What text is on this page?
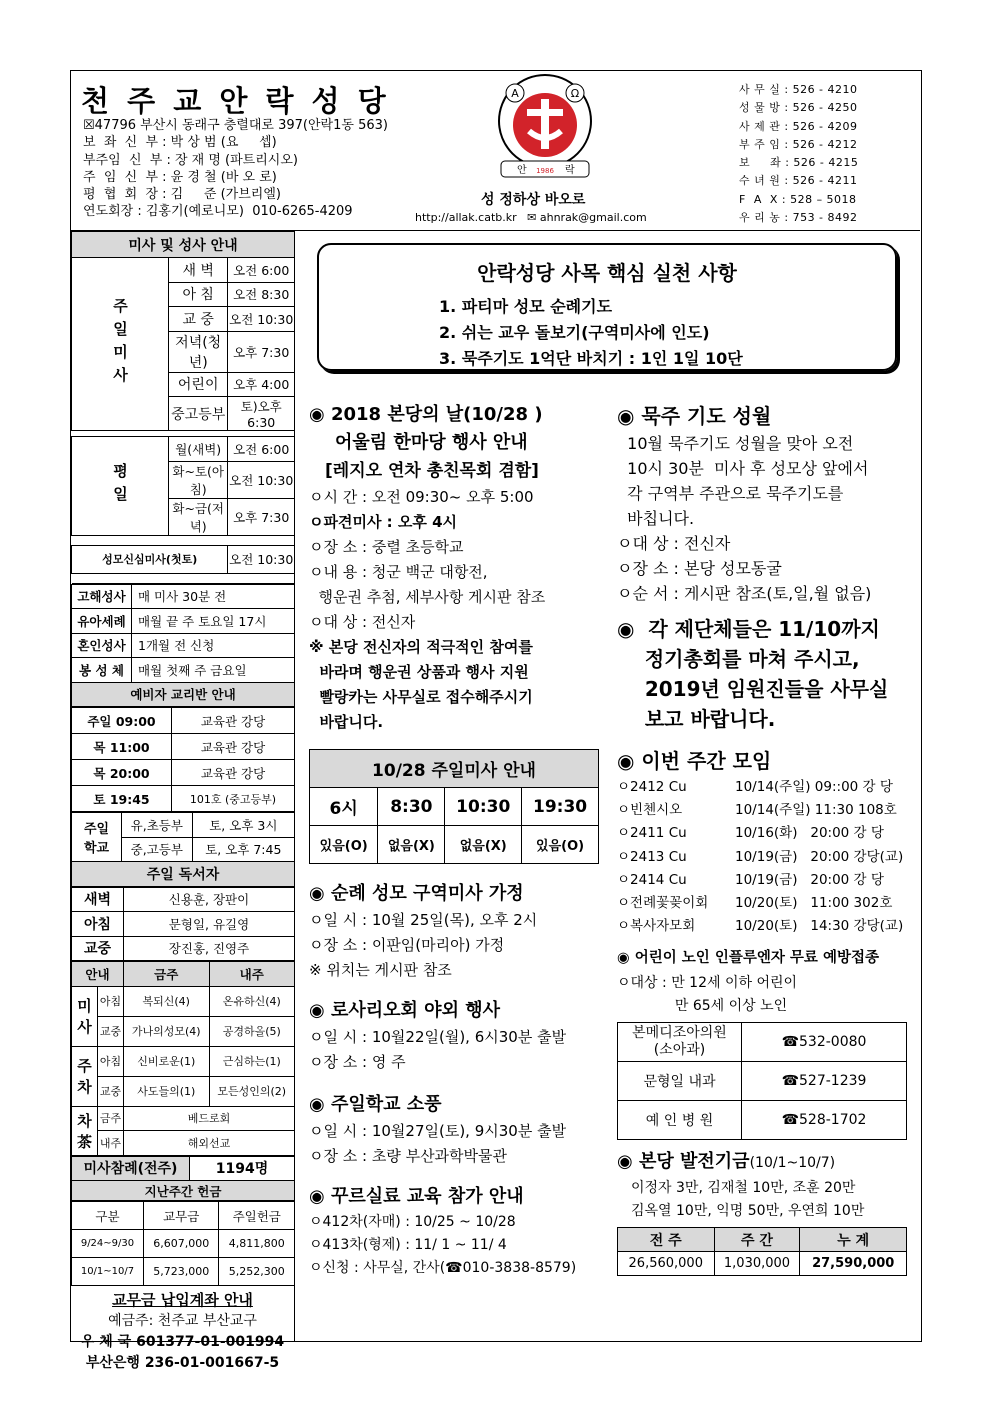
천 주 교 안 락 성 당
☒47796 부산시 동래구 충렬대로 397(안락1동 563)
보  좌  신  부 : 박 상 범 (요     셉)
부주임  신  부 : 장 재 명 (파트리시오)
주  임  신  부 : 윤 경 철 (바 오 로)
평  협  회  장 : 김     준 (가브리엘)
연도회장 : 김홍기(예로니모)  010-6265-4209
A	Ω
안 1986 락
성 정하상 바오로
http://allak.catb.kr ✉ ahnrak@gmail.com
사 무 실 : 526 - 4210
성 물 방 : 526 - 4250
사 제 관 : 526 - 4209
부 주 임 : 526 - 4212
보     좌 : 526 - 4215
수 녀 원 : 526 - 4211
F  A  X : 528 – 5018
우 리 농 : 753 - 8492
미사 및 성사 안내		
주일미사	새 벽	오전 6:00
	아 침	오전 8:30
	교 중	오전 10:30
	저녁(청년)	오후 7:30
	어린이	오후 4:00
	중고등부	토)오후 6:30

평일	월(새벽)	오전 6:00
	화~토(아침)	오전 10:30
	화~금(저녁)	오후 7:30

성모신심미사(첫토)		오전 10:30

고해성사	매 미사 30분 전
유아세례	매월 끝 주 토요일 17시
혼인성사	1개월 전 신청
봉 성 체	매월 첫째 주 금요일
예비자 교리반 안내	
주일 09:00	교육관 강당
목 11:00	교육관 강당
목 20:00	교육관 강당
토 19:45	101호 (중고등부)
주일학교	유,초등부	토, 오후 3시
	중,고등부	토, 오후 7:45
주일 독서자		
새벽	신용훈, 장판이
아침	문형일, 유길영
교중	장진홍, 진영주
안내		금주	내주
미사	아침	복되신(4)	온유하신(4)
	교중	가나의성모(4)	공경하올(5)
주차	아침	신비로운(1)	근심하는(1)
	교중	사도들의(1)	모든성인의(2)
차茶	금주	베드로회	
	내주	해외선교	
미사참례(전주)	1194명
지난주간 헌금
구분	교무금	주일헌금
9/24~9/30	6,607,000	4,811,800
10/1~10/7	5,723,000	5,252,300
교무금 납입계좌 안내
예금주: 천주교 부산교구
우 체 국 601377-01-001994
부산은행 236-01-001667-5
안락성당 사목 핵심 실천 사항
1. 파티마 성모 순례기도
2. 쉬는 교우 돌보기(구역미사에 인도)
3. 묵주기도 1억단 바치기 : 1인 1일 10단
◉ 2018 본당의 날(10/28 )
어울림 한마당 행사 안내
[레지오 연차 총친목회 겸함]
ㅇ시 간 : 오전 09:30~ 오후 5:00
ㅇ파견미사 : 오후 4시
ㅇ장 소 : 중렬 초등학교
ㅇ내 용 : 청군 백군 대항전,
행운권 추첨, 세부사항 게시판 참조
ㅇ대 상 : 전신자
※ 본당 전신자의 적극적인 참여를
바라며 행운권 상품과 행사 지원
빨랑카는 사무실로 접수해주시기
바랍니다.
10/28 주일미사 안내			
6시	8:30	10:30	19:30
있음(O)	없음(X)	없음(X)	있음(O)
◉ 순례 성모 구역미사 가정
ㅇ일 시 : 10월 25일(목), 오후 2시
ㅇ장 소 : 이판임(마리아) 가정
※ 위치는 게시판 참조
◉ 로사리오회 야외 행사
ㅇ일 시 : 10월22일(월), 6시30분 출발
ㅇ장 소 : 영 주
◉ 주일학교 소풍
ㅇ일 시 : 10월27일(토), 9시30분 출발
ㅇ장 소 : 초량 부산과학박물관
◉ 꾸르실료 교육 참가 안내
ㅇ412차(자매) : 10/25 ~ 10/28
ㅇ413차(형제) : 11/ 1 ~ 11/ 4
ㅇ신청 : 사무실, 간사(☎010-3838-8579)
◉ 묵주 기도 성월
10월 묵주기도 성월을 맞아 오전
10시 30분  미사 후 성모상 앞에서
각 구역부 주관으로 묵주기도를
바칩니다.
ㅇ대 상 : 전신자
ㅇ장 소 : 본당 성모동굴
ㅇ순 서 : 게시판 참조(토,일,월 없음)
◉  각 제단체들은 11/10까지
정기총회를 마쳐 주시고,
2019년 임원진들을 사무실
보고 바랍니다.
◉ 이번 주간 모임
ㅇ2412 Cu	10/14(주일) 09::00 강 당
ㅇ빈첸시오	10/14(주일) 11:30 108호
ㅇ2411 Cu	10/16(화)   20:00 강 당
ㅇ2413 Cu	10/19(금)   20:00 강당(교)
ㅇ2414 Cu	10/19(금)   20:00 강 당
ㅇ전례꽃꽂이회 10/20(토)   11:00 302호
ㅇ복사자모회	10/20(토)   14:30 강당(교)
◉ 어린이 노인 인플루엔자 무료 예방접종
ㅇ대상 : 만 12세 이하 어린이
만 65세 이상 노인
본메디조아의원
(소아과)	☎532-0080
문형일 내과	☎527-1239
예 인 병 원	☎528-1702
◉ 본당 발전기금(10/1~10/7)
이정자 3만, 김재철 10만, 조훈 20만
김옥열 10만, 익명 50만, 우연희 10만
전 주	주 간	누 계
26,560,000	1,030,000	27,590,000
